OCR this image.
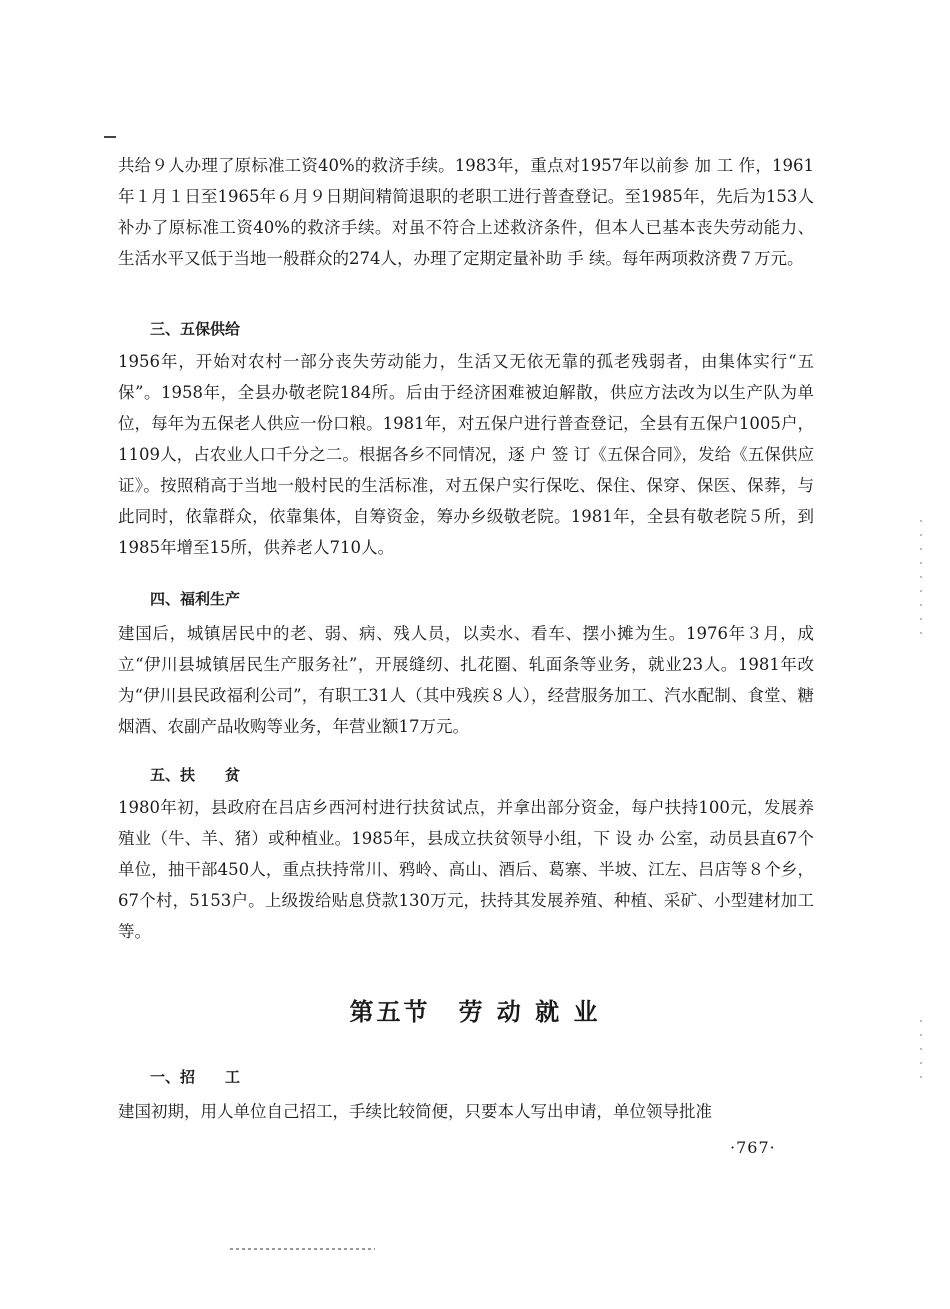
共给９人办理了原标准工资40%的救济手续。1983年，重点对1957年以前参 加 工 作，1961年１月１日至1965年６月９日期间精简退职的老职工进行普查登记。至1985年，先后为153人补办了原标准工资40%的救济手续。对虽不符合上述救济条件，但本人已基本丧失劳动能力、生活水平又低于当地一般群众的274人，办理了定期定量补助 手 续。每年两项救济费７万元。

三、五保供给

1956年，开始对农村一部分丧失劳动能力，生活又无依无靠的孤老残弱者，由集体实行“五保”。1958年，全县办敬老院184所。后由于经济困难被迫解散，供应方法改为以生产队为单位，每年为五保老人供应一份口粮。1981年，对五保户进行普查登记，全县有五保户1005户，1109人，占农业人口千分之二。根据各乡不同情况，逐 户 签 订《五保合同》，发给《五保供应证》。按照稍高于当地一般村民的生活标准，对五保户实行保吃、保住、保穿、保医、保葬，与此同时，依靠群众，依靠集体，自筹资金，筹办乡级敬老院。1981年，全县有敬老院５所，到1985年增至15所，供养老人710人。

四、福利生产

建国后，城镇居民中的老、弱、病、残人员，以卖水、看车、摆小摊为生。1976年３月，成立“伊川县城镇居民生产服务社”，开展缝纫、扎花圈、轧面条等业务，就业23人。1981年改为“伊川县民政福利公司”，有职工31人（其中残疾８人），经营服务加工、汽水配制、食堂、糖烟酒、农副产品收购等业务，年营业额17万元。

五、扶　　贫

1980年初，县政府在吕店乡西河村进行扶贫试点，并拿出部分资金，每户扶持100元，发展养殖业（牛、羊、猪）或种植业。1985年，县成立扶贫领导小组，下 设 办 公室，动员县直67个单位，抽干部450人，重点扶持常川、鸦岭、高山、酒后、葛寨、半坡、江左、吕店等８个乡，67个村，5153户。上级拨给贴息贷款130万元，扶持其发展养殖、种植、采矿、小型建材加工等。

第五节 劳 动 就 业
一、招　　工

建国初期，用人单位自己招工，手续比较简便，只要本人写出申请，单位领导批准

·767·
